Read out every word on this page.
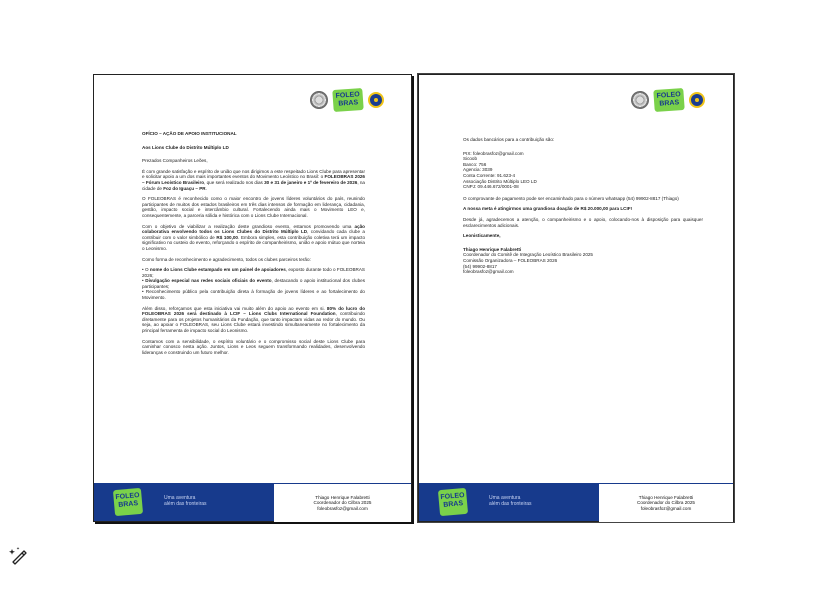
FOLEO
BRAS

OFÍCIO – AÇÃO DE APOIO INSTITUCIONAL

Aos Lions Clube do Distrito Múltiplo LD

Prezados Companheiros Leões,

É com grande satisfação e espírito de união que nos dirigimos a este respeitado Lions Clube para apresentar e solicitar apoio a um dos mais importantes eventos do Movimento Leoístico no Brasil: o FOLEOBRAS 2026 – Fórum Leoístico Brasileiro, que será realizado nos dias 30 e 31 de janeiro e 1º de fevereiro de 2026, na cidade de Foz do Iguaçu – PR.

O FOLEOBRAS é reconhecido como o maior encontro de jovens líderes voluntários do país, reunindo participantes de muitos dos estados brasileiros em três dias intensos de formação em liderança, cidadania, gestão, impacto social e intercâmbio cultural. Fortalecendo ainda mais o Movimento LEO e, consequentemente, a parceria sólida e histórica com o Lions Clube Internacional.

Com o objetivo de viabilizar a realização deste grandioso evento, estamos promovendo uma ação colaborativa envolvendo todos os Lions Clubes do Distrito Múltiplo LD, convidando cada clube a contribuir com o valor simbólico de R$ 100,00. Embora simples, esta contribuição coletiva terá um impacto significativo no custeio do evento, reforçando o espírito de companheirismo, união e apoio mútuo que norteia o Leonismo.

Como forma de reconhecimento e agradecimento, todos os clubes parceiros terão:

• O nome do Lions Clube estampado em um painel de apoiadores, exposto durante todo o FOLEOBRAS 2026;
• Divulgação especial nas redes sociais oficiais do evento, destacando o apoio institucional dos clubes participantes;
• Reconhecimento público pela contribuição direta à formação de jovens líderes e ao fortalecimento do Movimento.

Além disso, reforçamos que esta iniciativa vai muito além do apoio ao evento em si. 80% do lucro do FOLEOBRAS 2026 será destinado à LCIF – Lions Clubs International Foundation, contribuindo diretamente para os projetos humanitários da Fundação, que tanto impactam vidas ao redor do mundo. Ou seja, ao apoiar o FOLEOBRAS, seu Lions Clube estará investindo simultaneamente no fortalecimento da principal ferramenta de impacto social do Leonismo.

Contamos com a sensibilidade, o espírito voluntário e o compromisso social deste Lions Clube para caminhar conosco nesta ação. Juntos, Lions e Leos seguem transformando realidades, desenvolvendo lideranças e construindo um futuro melhor.

FOLEO
BRAS
Uma aventura
além das fronteiras
Thiago Henrique Falabretti
Coordenador do Cilbra 2025
foleobrasfoz@gmail.com
FOLEO
BRAS

Os dados bancários para a contribuição são:

PIX: foleobrasfoz@gmail.com

Sicoob

Banco: 756

Agencia: 3039

Conta Corrente: 91.623-4

Associação Distrito Múltiplo LEO LD

CNPJ: 09.446.672/0001-08

O comprovante de pagamento pode ser encaminhado para o número whatsapp (54) 99902-8817 (Thiago)

A nossa meta é atingirmos uma grandiosa doação de R$ 20.000,00 para LCIF!

Desde já, agradecemos a atenção, o companheirismo e o apoio, colocando-nos à disposição para quaisquer esclarecimentos adicionais.

Leonisticamente,

Thiago Henrique Falabretti

Coordenador do Comitê de Integração Leoístico Brasileiro 2025

Comissão Organizadora – FOLEOBRAS 2026

(54) 99902-8817

foleobrasfoz@gmail.com

FOLEO
BRAS
Uma aventura
além das fronteiras
Thiago Henrique Falabretti
Coordenador do Cilbra 2025
foleobrasfoz@gmail.com
